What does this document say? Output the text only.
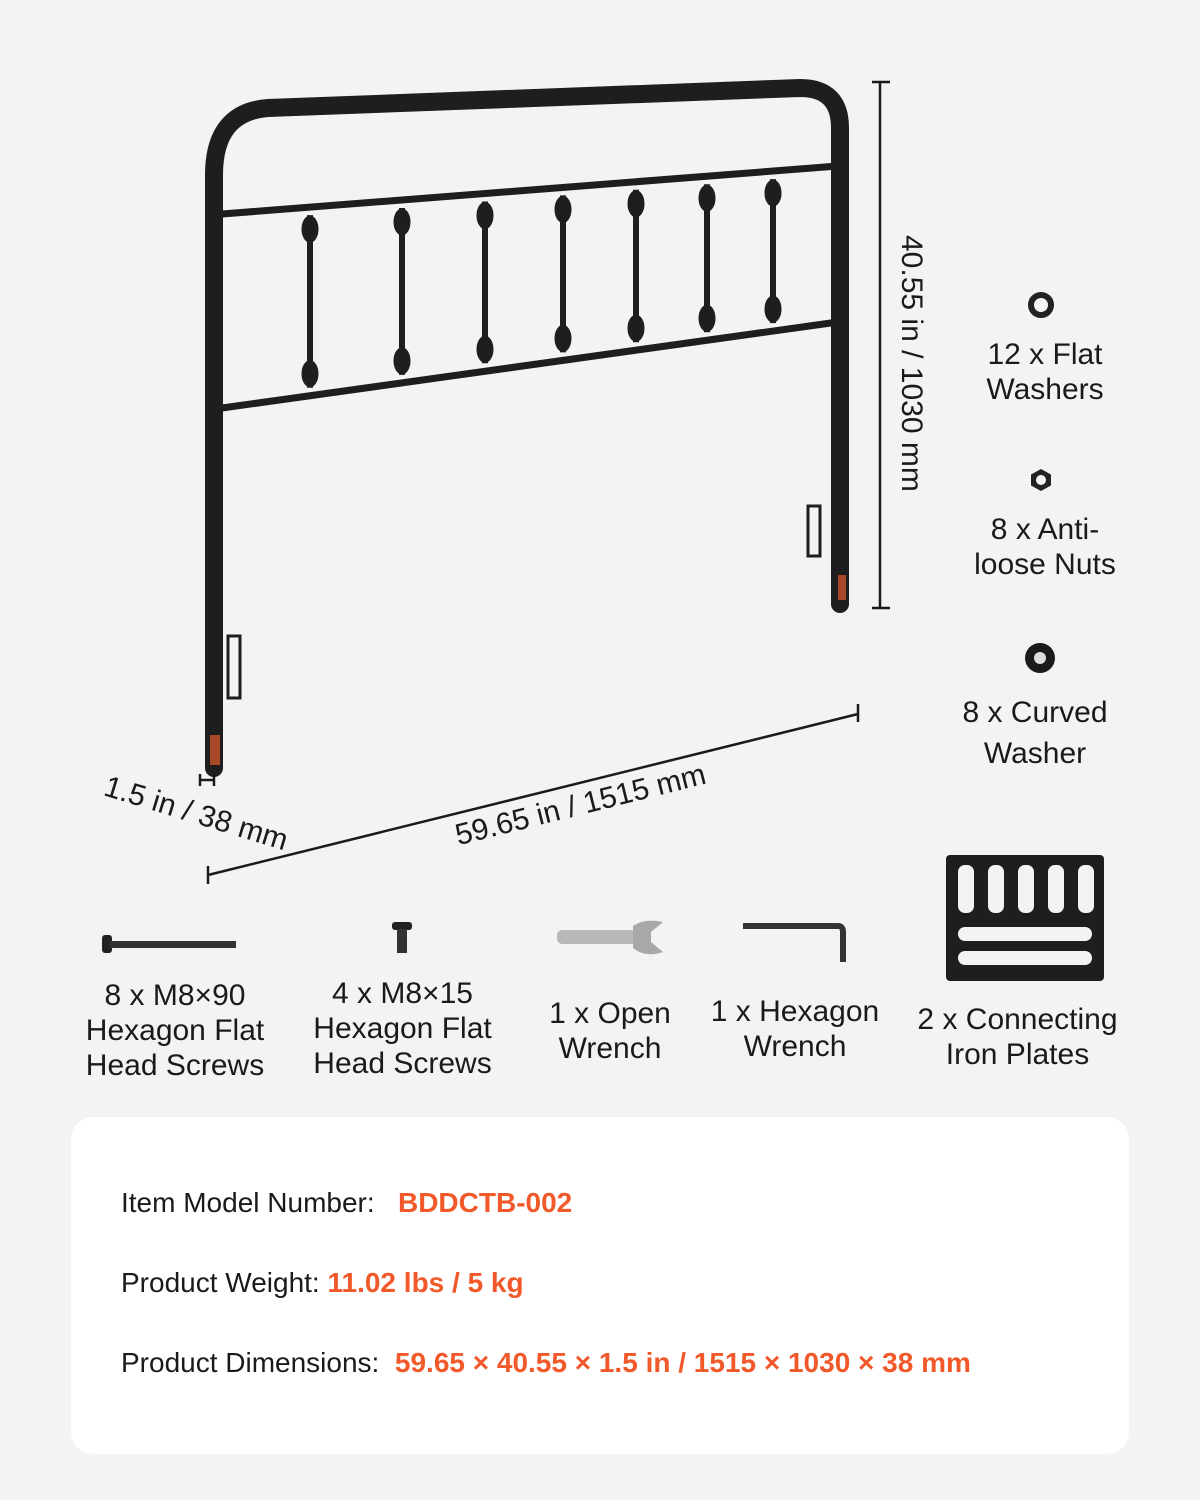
40.55 in / 1030 mm
59.65 in / 1515 mm
1.5 in / 38 mm
12 x Flat
Washers
8 x Anti-
loose Nuts
8 x Curved
Washer
8 x M8×90
Hexagon Flat
Head Screws
4 x M8×15
Hexagon Flat
Head Screws
1 x Open
Wrench
1 x Hexagon
Wrench
2 x Connecting
Iron Plates
Item Model Number: BDDCTB-002
Product Weight: 11.02 lbs / 5 kg
Product Dimensions: 59.65 × 40.55 × 1.5 in / 1515 × 1030 × 38 mm
